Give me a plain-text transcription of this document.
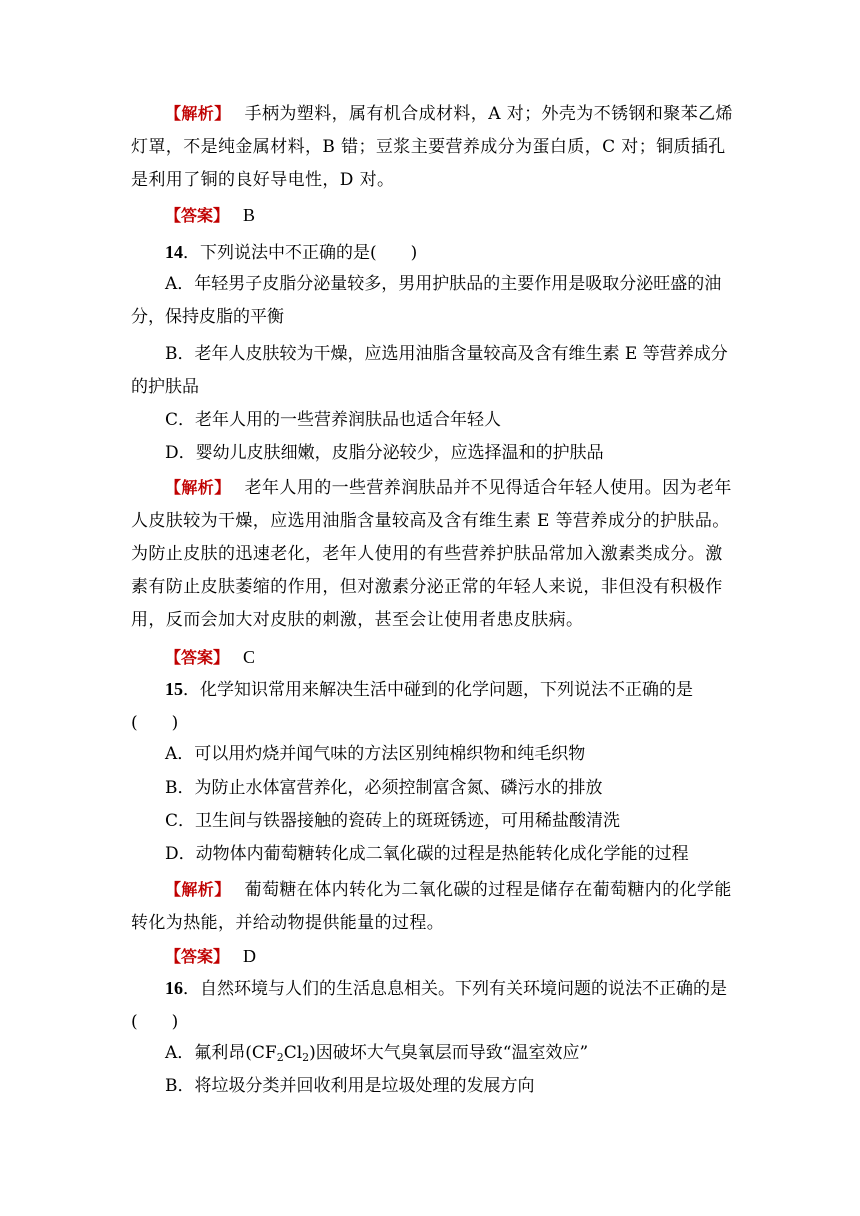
【解析】 手柄为塑料，属有机合成材料，A 对；外壳为不锈钢和聚苯乙烯灯罩，不是纯金属材料，B 错；豆浆主要营养成分为蛋白质，C 对；铜质插孔是利用了铜的良好导电性，D 对。

【答案】 B

14．下列说法中不正确的是(　　)

A．年轻男子皮脂分泌量较多，男用护肤品的主要作用是吸取分泌旺盛的油分，保持皮脂的平衡

B．老年人皮肤较为干燥，应选用油脂含量较高及含有维生素 E 等营养成分的护肤品

C．老年人用的一些营养润肤品也适合年轻人

D．婴幼儿皮肤细嫩，皮脂分泌较少，应选择温和的护肤品

【解析】 老年人用的一些营养润肤品并不见得适合年轻人使用。因为老年人皮肤较为干燥，应选用油脂含量较高及含有维生素 E 等营养成分的护肤品。为防止皮肤的迅速老化，老年人使用的有些营养护肤品常加入激素类成分。激素有防止皮肤萎缩的作用，但对激素分泌正常的年轻人来说，非但没有积极作用，反而会加大对皮肤的刺激，甚至会让使用者患皮肤病。

【答案】 C

15．化学知识常用来解决生活中碰到的化学问题，下列说法不正确的是(　　)

A．可以用灼烧并闻气味的方法区别纯棉织物和纯毛织物

B．为防止水体富营养化，必须控制富含氮、磷污水的排放

C．卫生间与铁器接触的瓷砖上的斑斑锈迹，可用稀盐酸清洗

D．动物体内葡萄糖转化成二氧化碳的过程是热能转化成化学能的过程

【解析】 葡萄糖在体内转化为二氧化碳的过程是储存在葡萄糖内的化学能转化为热能，并给动物提供能量的过程。

【答案】 D

16．自然环境与人们的生活息息相关。下列有关环境问题的说法不正确的是(　　)

A．氟利昂$(CF_2Cl_2)$因破坏大气臭氧层而导致“温室效应”

B．将垃圾分类并回收利用是垃圾处理的发展方向
